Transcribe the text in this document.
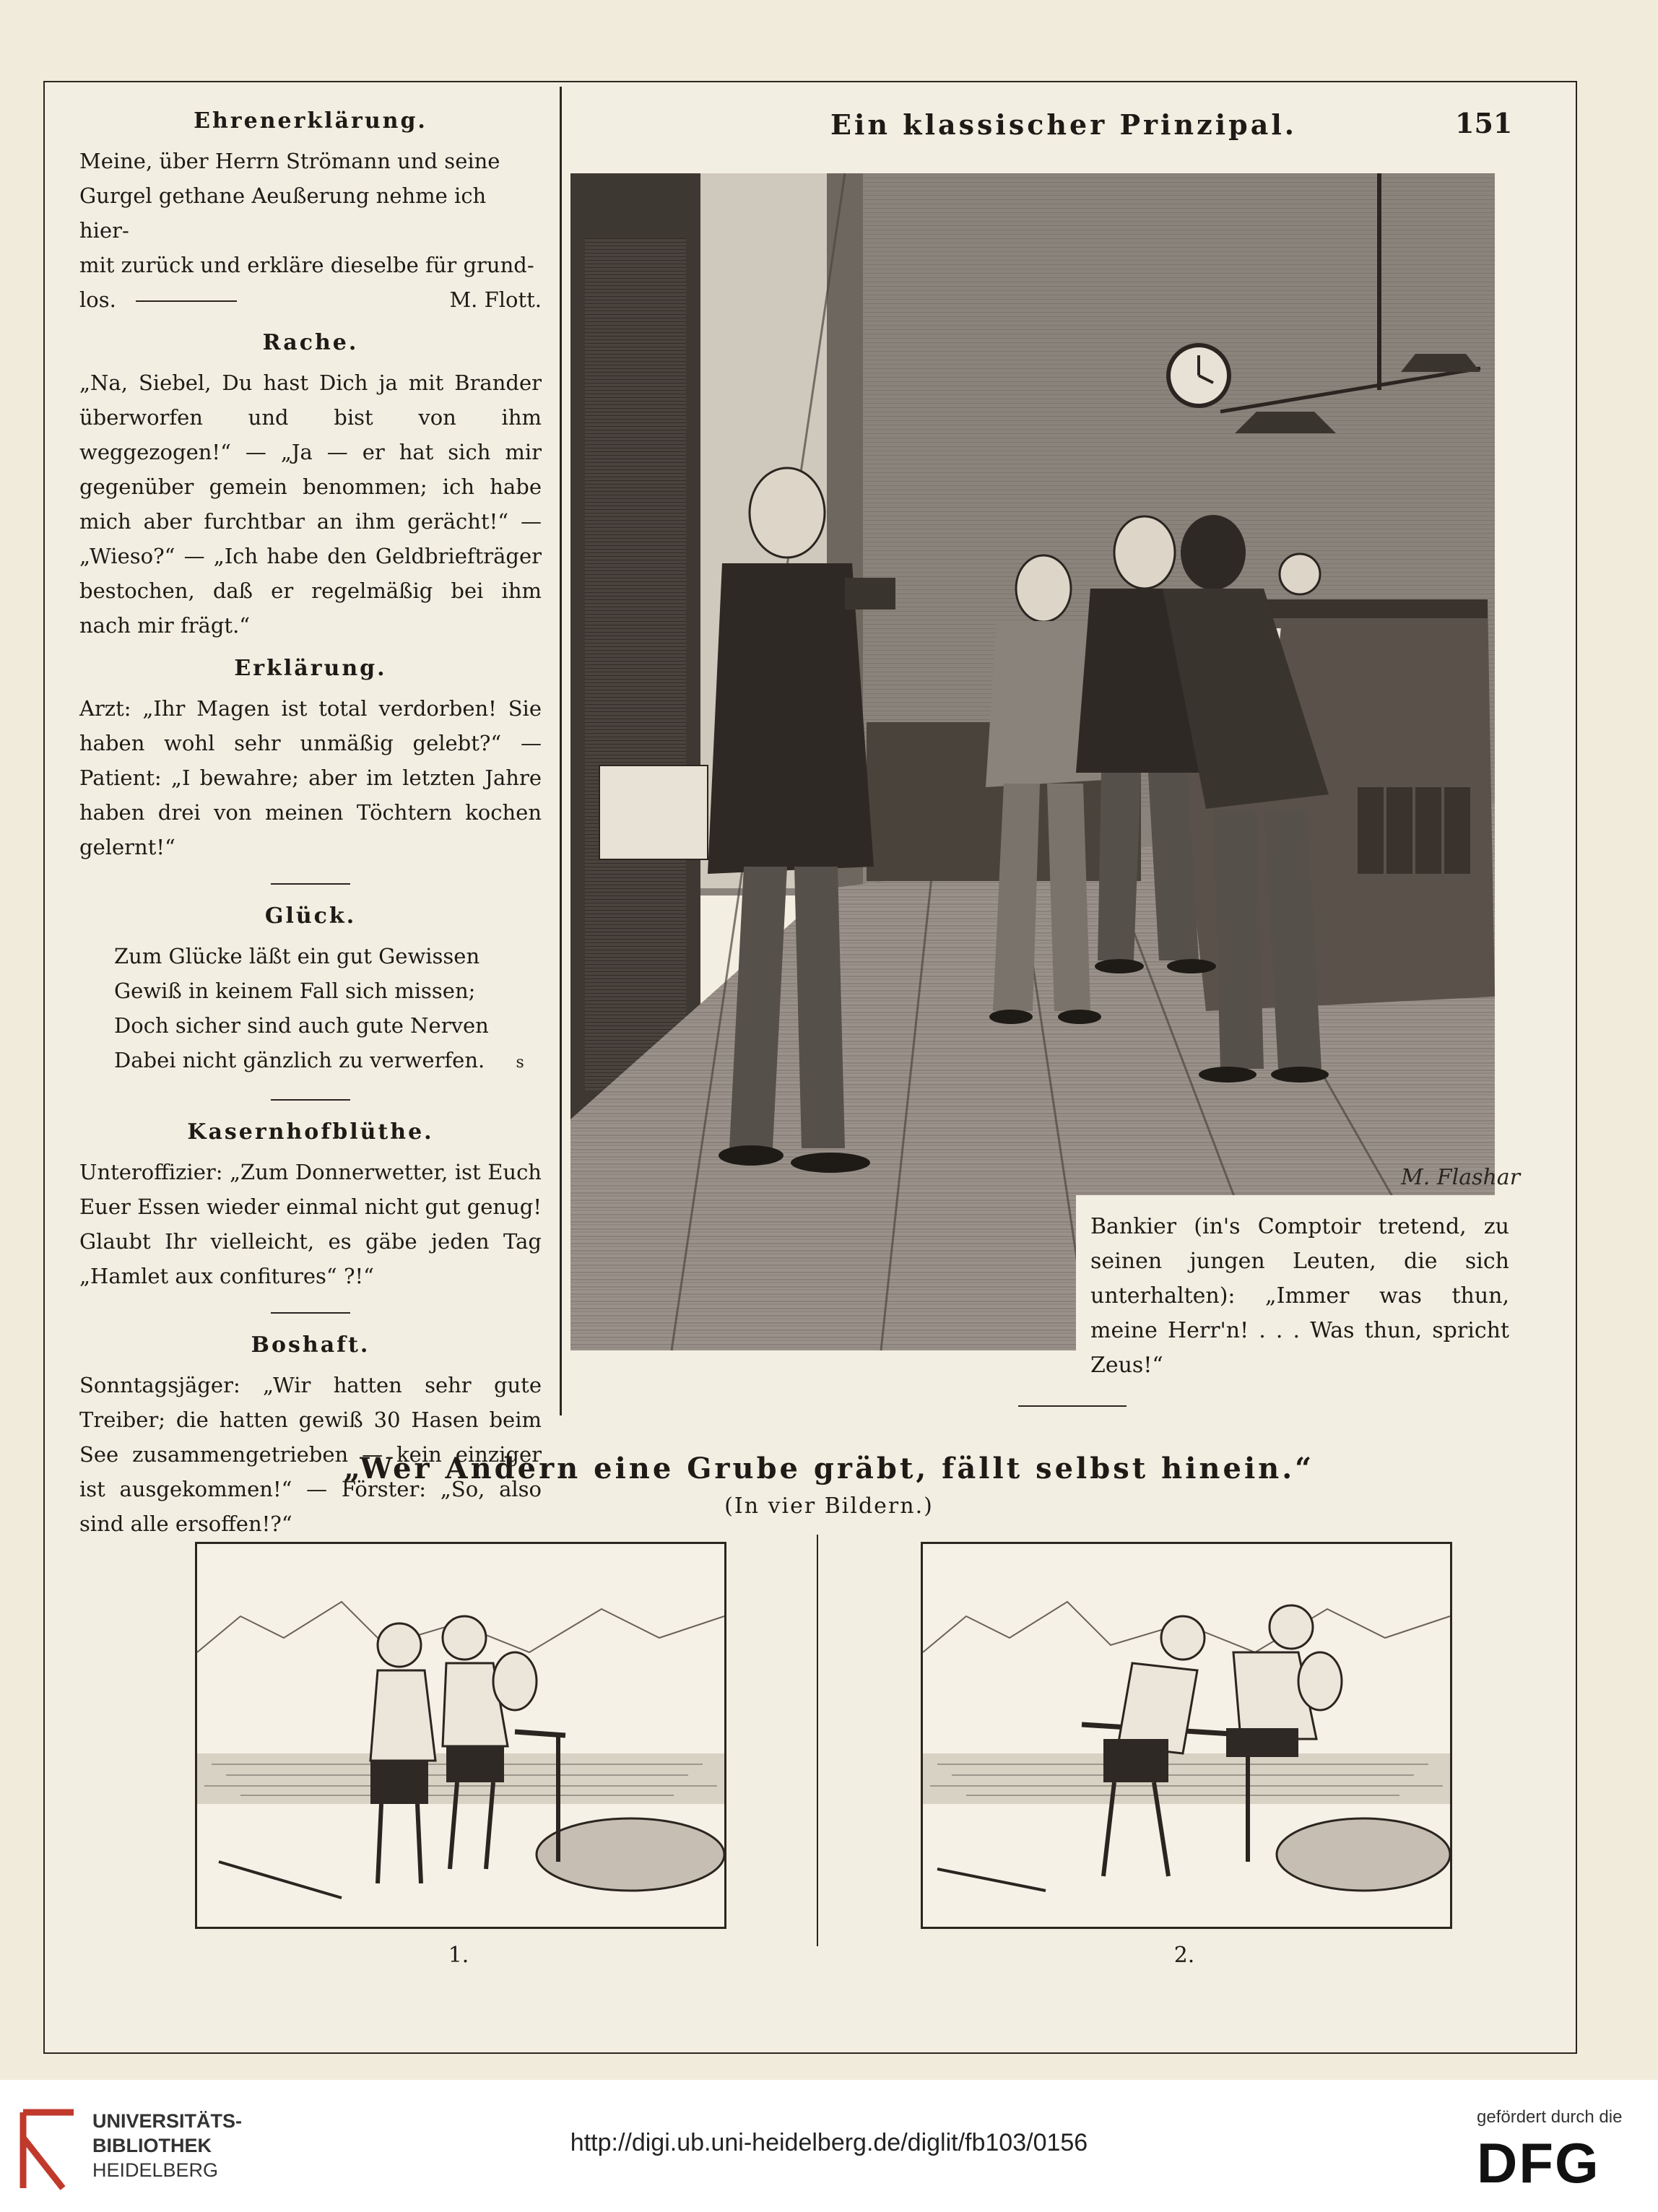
Ein klassischer Prinzipal.	151
Ehrenerklärung.
Meine, über Herrn Strömann und seine
Gurgel gethane Aeußerung nehme ich hier-
mit zurück und erkläre dieselbe für grund-
los.	M. Flott.
Rache.

„Na, Siebel, Du hast Dich ja mit Brander überworfen und bist von ihm weggezogen!“ — „Ja — er hat sich mir gegenüber gemein benommen; ich habe mich aber furchtbar an ihm gerächt!“ — „Wieso?“ — „Ich habe den Geldbriefträger bestochen, daß er regelmäßig bei ihm nach mir frägt.“

Erklärung.

Arzt: „Ihr Magen ist total verdorben! Sie haben wohl sehr unmäßig gelebt?“ — Patient: „I bewahre; aber im letzten Jahre haben drei von meinen Töchtern kochen gelernt!“

Glück.
Zum Glücke läßt ein gut Gewissen
Gewiß in keinem Fall sich missen;
Doch sicher sind auch gute Nerven
Dabei nicht gänzlich zu verwerfen. s
Kasernhofblüthe.

Unteroffizier: „Zum Donnerwetter, ist Euch Euer Essen wieder einmal nicht gut genug! Glaubt Ihr vielleicht, es gäbe jeden Tag „Hamlet aux confitures“ ?!“

Boshaft.

Sonntagsjäger: „Wir hatten sehr gute Treiber; die hatten gewiß 30 Hasen beim See zusammengetrieben — kein einziger ist ausgekommen!“ — Förster: „So, also sind alle ersoffen!?“

M. Flashar

Bankier (in's Comptoir tretend, zu seinen jungen Leuten, die sich unterhalten): „Immer was thun, meine Herr'n! . . . Was thun, spricht Zeus!“

„Wer Andern eine Grube gräbt, fällt selbst hinein.“
(In vier Bildern.)
1.	2.
UNIVERSITÄTS-
BIBLIOTHEK
HEIDELBERG
http://digi.ub.uni-heidelberg.de/diglit/fb103/0156
gefördert durch die
DFG
